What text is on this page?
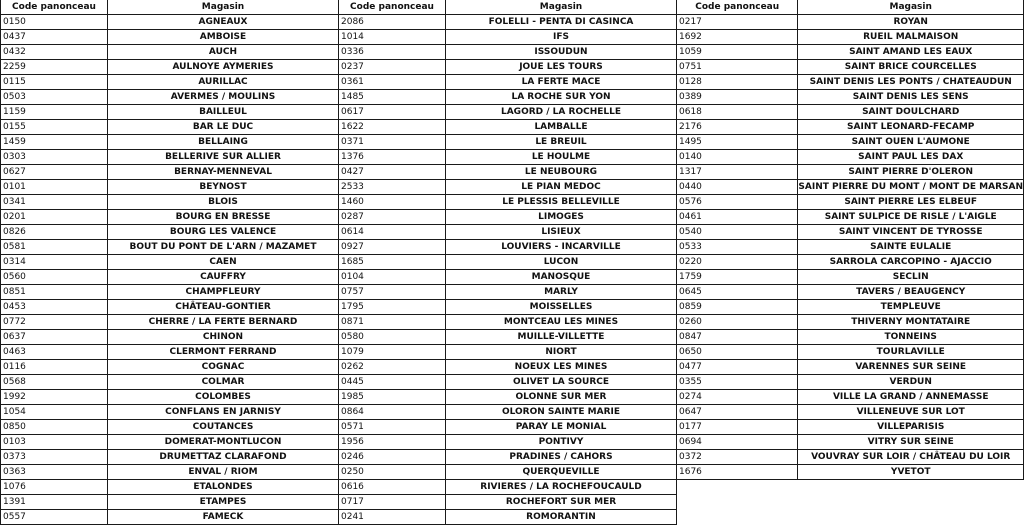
Code panonceau	Magasin
0150	AGNEAUX
0437	AMBOISE
0432	AUCH
2259	AULNOYE AYMERIES
0115	AURILLAC
0503	AVERMES / MOULINS
1159	BAILLEUL
0155	BAR LE DUC
1459	BELLAING
0303	BELLERIVE SUR ALLIER
0627	BERNAY-MENNEVAL
0101	BEYNOST
0341	BLOIS
0201	BOURG EN BRESSE
0826	BOURG LES VALENCE
0581	BOUT DU PONT DE L'ARN / MAZAMET
0314	CAEN
0560	CAUFFRY
0851	CHAMPFLEURY
0453	CHÂTEAU-GONTIER
0772	CHERRE / LA FERTE BERNARD
0637	CHINON
0463	CLERMONT FERRAND
0116	COGNAC
0568	COLMAR
1992	COLOMBES
1054	CONFLANS EN JARNISY
0850	COUTANCES
0103	DOMERAT-MONTLUCON
0373	DRUMETTAZ CLARAFOND
0363	ENVAL / RIOM
1076	ETALONDES
1391	ETAMPES
0557	FAMECK
Code panonceau	Magasin
2086	FOLELLI - PENTA DI CASINCA
1014	IFS
0336	ISSOUDUN
0237	JOUE LES TOURS
0361	LA FERTE MACE
1485	LA ROCHE SUR YON
0617	LAGORD / LA ROCHELLE
1622	LAMBALLE
0371	LE BREUIL
1376	LE HOULME
0427	LE NEUBOURG
2533	LE PIAN MEDOC
1460	LE PLESSIS BELLEVILLE
0287	LIMOGES
0614	LISIEUX
0927	LOUVIERS - INCARVILLE
1685	LUCON
0104	MANOSQUE
0757	MARLY
1795	MOISSELLES
0871	MONTCEAU LES MINES
0580	MUILLE-VILLETTE
1079	NIORT
0262	NOEUX LES MINES
0445	OLIVET LA SOURCE
1985	OLONNE SUR MER
0864	OLORON SAINTE MARIE
0571	PARAY LE MONIAL
1956	PONTIVY
0246	PRADINES / CAHORS
0250	QUERQUEVILLE
0616	RIVIERES / LA ROCHEFOUCAULD
0717	ROCHEFORT SUR MER
0241	ROMORANTIN
Code panonceau	Magasin
0217	ROYAN
1692	RUEIL MALMAISON
1059	SAINT AMAND LES EAUX
0751	SAINT BRICE COURCELLES
0128	SAINT DENIS LES PONTS / CHATEAUDUN
0389	SAINT DENIS LES SENS
0618	SAINT DOULCHARD
2176	SAINT LEONARD-FECAMP
1495	SAINT OUEN L'AUMONE
0140	SAINT PAUL LES DAX
1317	SAINT PIERRE D'OLERON
0440	SAINT PIERRE DU MONT / MONT DE MARSAN
0576	SAINT PIERRE LES ELBEUF
0461	SAINT SULPICE DE RISLE / L'AIGLE
0540	SAINT VINCENT DE TYROSSE
0533	SAINTE EULALIE
0220	SARROLA CARCOPINO - AJACCIO
1759	SECLIN
0645	TAVERS / BEAUGENCY
0859	TEMPLEUVE
0260	THIVERNY MONTATAIRE
0847	TONNEINS
0650	TOURLAVILLE
0477	VARENNES SUR SEINE
0355	VERDUN
0274	VILLE LA GRAND / ANNEMASSE
0647	VILLENEUVE SUR LOT
0177	VILLEPARISIS
0694	VITRY SUR SEINE
0372	VOUVRAY SUR LOIR / CHÂTEAU DU LOIR
1676	YVETOT
